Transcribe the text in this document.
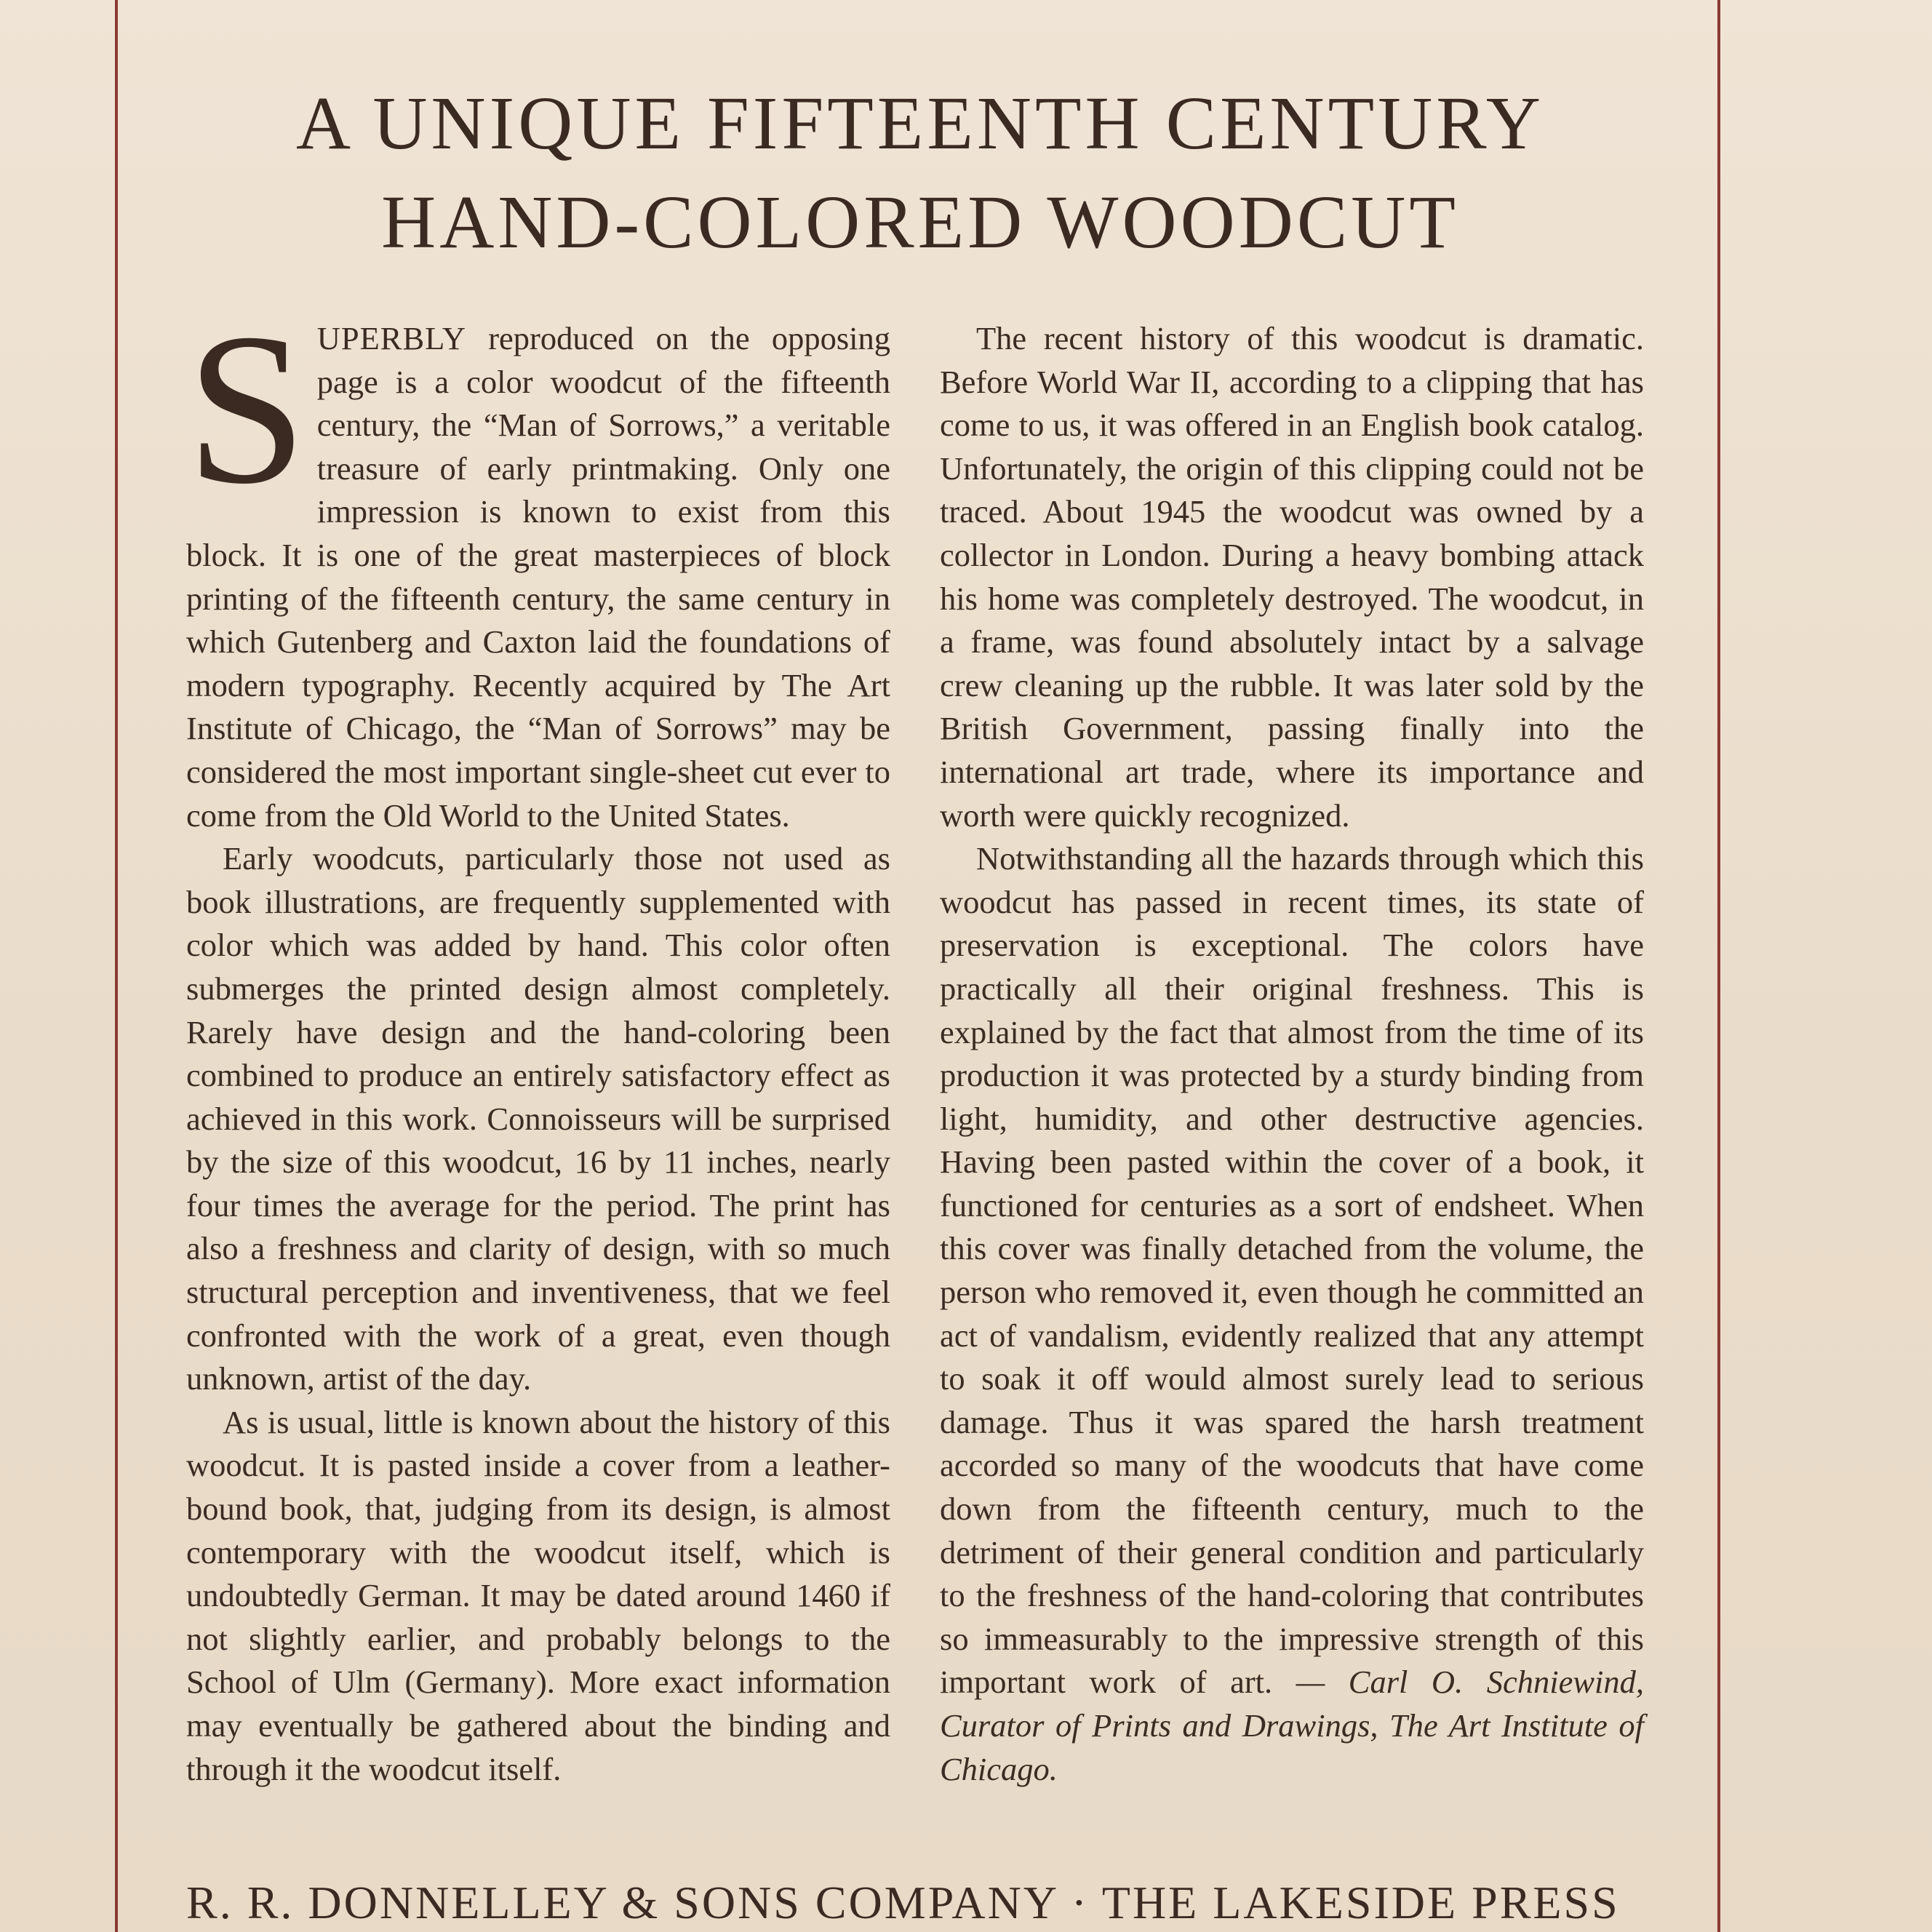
A UNIQUE FIFTEENTH CENTURY
HAND-COLORED WOODCUT

SUPERBLY reproduced on the opposing page is a color woodcut of the fifteenth century, the “Man of Sorrows,” a veritable treasure of early printmaking. Only one impression is known to exist from this block. It is one of the great masterpieces of block printing of the fifteenth century, the same century in which Gutenberg and Caxton laid the foundations of modern typography. Recently acquired by The Art Institute of Chicago, the “Man of Sorrows” may be considered the most important single-sheet cut ever to come from the Old World to the United States.

Early woodcuts, particularly those not used as book illustrations, are frequently supplemented with color which was added by hand. This color often submerges the printed design almost completely. Rarely have design and the hand-coloring been combined to produce an entirely satisfactory effect as achieved in this work. Connoisseurs will be surprised by the size of this woodcut, 16 by 11 inches, nearly four times the average for the period. The print has also a freshness and clarity of design, with so much structural perception and inventiveness, that we feel confronted with the work of a great, even though unknown, artist of the day.

As is usual, little is known about the history of this woodcut. It is pasted inside a cover from a leather-bound book, that, judging from its design, is almost contemporary with the woodcut itself, which is undoubtedly German. It may be dated around 1460 if not slightly earlier, and probably belongs to the School of Ulm (Germany). More exact information may eventually be gathered about the binding and through it the woodcut itself.

The recent history of this woodcut is dramatic. Before World War II, according to a clipping that has come to us, it was offered in an English book catalog. Unfortunately, the origin of this clipping could not be traced. About 1945 the woodcut was owned by a collector in London. During a heavy bombing attack his home was completely destroyed. The woodcut, in a frame, was found absolutely intact by a salvage crew cleaning up the rubble. It was later sold by the British Government, passing finally into the international art trade, where its importance and worth were quickly recognized.

Notwithstanding all the hazards through which this woodcut has passed in recent times, its state of preservation is exceptional. The colors have practically all their original freshness. This is explained by the fact that almost from the time of its production it was protected by a sturdy binding from light, humidity, and other destructive agencies. Having been pasted within the cover of a book, it functioned for centuries as a sort of endsheet. When this cover was finally detached from the volume, the person who removed it, even though he committed an act of vandalism, evidently realized that any attempt to soak it off would almost surely lead to serious damage. Thus it was spared the harsh treatment accorded so many of the woodcuts that have come down from the fifteenth century, much to the detriment of their general condition and particularly to the freshness of the hand-coloring that contributes so immeasurably to the impressive strength of this important work of art. — Carl O. Schniewind, Curator of Prints and Drawings, The Art Institute of Chicago.

R. R. DONNELLEY & SONS COMPANY · THE LAKESIDE PRESS
